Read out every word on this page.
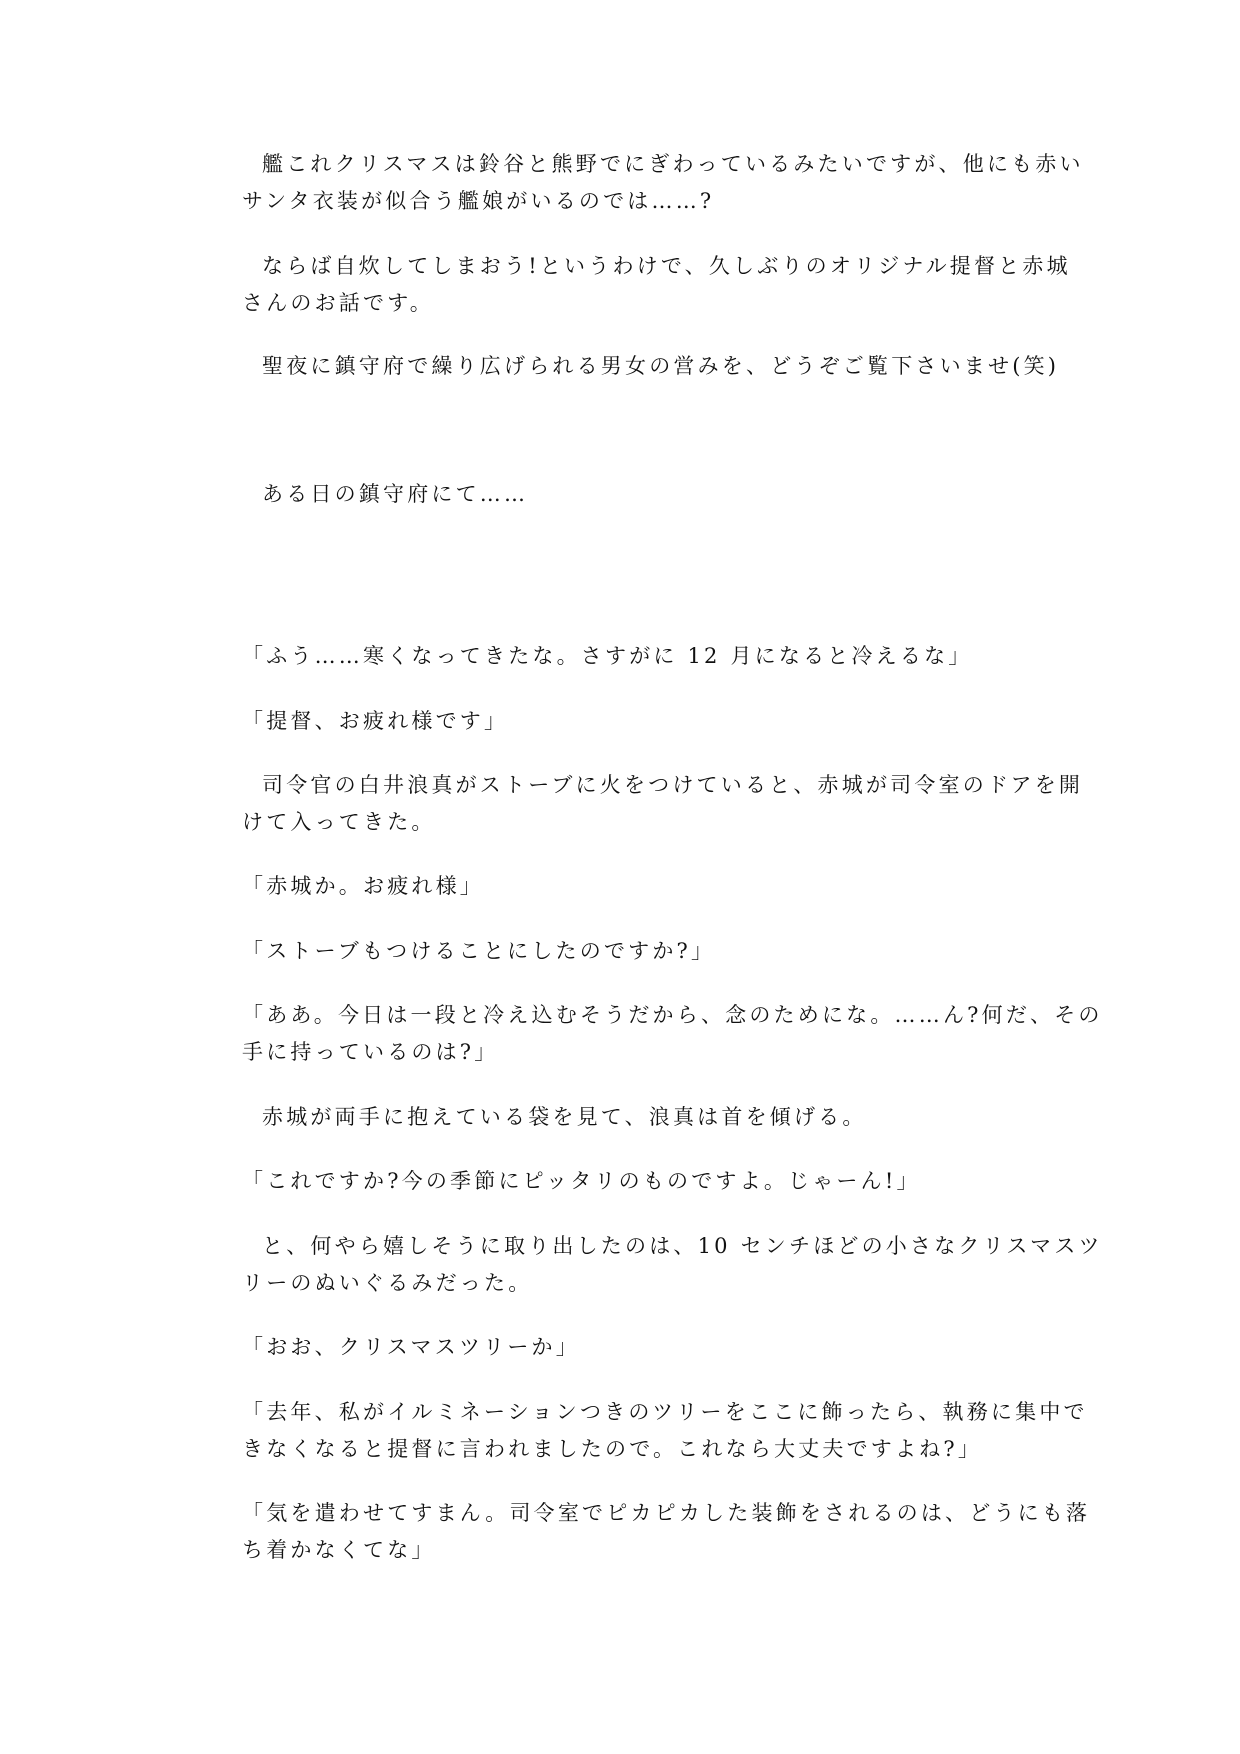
艦これクリスマスは鈴谷と熊野でにぎわっているみたいですが、他にも赤い

サンタ衣装が似合う艦娘がいるのでは……?

ならば自炊してしまおう!というわけで、久しぶりのオリジナル提督と赤城

さんのお話です。

聖夜に鎮守府で繰り広げられる男女の営みを、どうぞご覧下さいませ(笑)

ある日の鎮守府にて……

「ふう……寒くなってきたな。さすがに 12 月になると冷えるな」

「提督、お疲れ様です」

司令官の白井浪真がストーブに火をつけていると、赤城が司令室のドアを開

けて入ってきた。

「赤城か。お疲れ様」

「ストーブもつけることにしたのですか?」

「ああ。今日は一段と冷え込むそうだから、念のためにな。……ん?何だ、その

手に持っているのは?」

赤城が両手に抱えている袋を見て、浪真は首を傾げる。

「これですか?今の季節にピッタリのものですよ。じゃーん!」

と、何やら嬉しそうに取り出したのは、10 センチほどの小さなクリスマスツ

リーのぬいぐるみだった。

「おお、クリスマスツリーか」

「去年、私がイルミネーションつきのツリーをここに飾ったら、執務に集中で

きなくなると提督に言われましたので。これなら大丈夫ですよね?」

「気を遣わせてすまん。司令室でピカピカした装飾をされるのは、どうにも落

ち着かなくてな」
